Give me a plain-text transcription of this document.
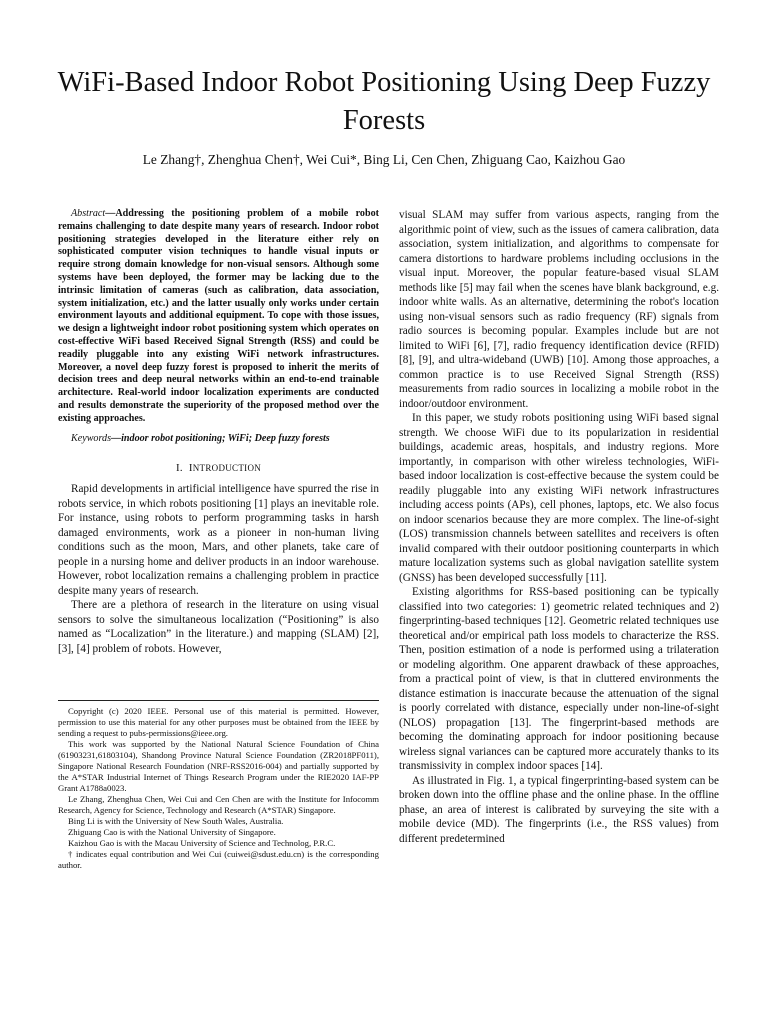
WiFi-Based Indoor Robot Positioning Using Deep Fuzzy Forests
Le Zhang†, Zhenghua Chen†, Wei Cui*, Bing Li, Cen Chen, Zhiguang Cao, Kaizhou Gao

Abstract—Addressing the positioning problem of a mobile robot remains challenging to date despite many years of research. Indoor robot positioning strategies developed in the literature either rely on sophisticated computer vision techniques to handle visual inputs or require strong domain knowledge for non-visual sensors. Although some systems have been deployed, the former may be lacking due to the intrinsic limitation of cameras (such as calibration, data association, system initialization, etc.) and the latter usually only works under certain environment layouts and additional equipment. To cope with those issues, we design a lightweight indoor robot positioning system which operates on cost-effective WiFi based Received Signal Strength (RSS) and could be readily pluggable into any existing WiFi network infrastructures. Moreover, a novel deep fuzzy forest is proposed to inherit the merits of decision trees and deep neural networks within an end-to-end trainable architecture. Real-world indoor localization experiments are conducted and results demonstrate the superiority of the proposed method over the existing approaches.

Keywords—indoor robot positioning; WiFi; Deep fuzzy forests

I. INTRODUCTION

Rapid developments in artificial intelligence have spurred the rise in robots service, in which robots positioning [1] plays an inevitable role. For instance, using robots to perform programming tasks in harsh damaged environments, work as a pioneer in non-human living conditions such as the moon, Mars, and other planets, take care of people in a nursing home and deliver products in an indoor warehouse. However, robot localization remains a challenging problem in practice despite many years of research.

There are a plethora of research in the literature on using visual sensors to solve the simultaneous localization (“Positioning” is also named as “Localization” in the literature.) and mapping (SLAM) [2], [3], [4] problem of robots. However,

Copyright (c) 2020 IEEE. Personal use of this material is permitted. However, permission to use this material for any other purposes must be obtained from the IEEE by sending a request to pubs-permissions@ieee.org.

This work was supported by the National Natural Science Foundation of China (61903231,61803104), Shandong Province Natural Science Foundation (ZR2018PF011), Singapore National Research Foundation (NRF-RSS2016-004) and partially supported by the A*STAR Industrial Internet of Things Research Program under the RIE2020 IAF-PP Grant A1788a0023.

Le Zhang, Zhenghua Chen, Wei Cui and Cen Chen are with the Institute for Infocomm Research, Agency for Science, Technology and Research (A*STAR) Singapore.

Bing Li is with the University of New South Wales, Australia.

Zhiguang Cao is with the National University of Singapore.

Kaizhou Gao is with the Macau University of Science and Technolog, P.R.C.

† indicates equal contribution and Wei Cui (cuiwei@sdust.edu.cn) is the corresponding author.

visual SLAM may suffer from various aspects, ranging from the algorithmic point of view, such as the issues of camera calibration, data association, system initialization, and algorithms to compensate for camera distortions to hardware problems including occlusions in the visual input. Moreover, the popular feature-based visual SLAM methods like [5] may fail when the scenes have blank background, e.g. indoor white walls. As an alternative, determining the robot's location using non-visual sensors such as radio frequency (RF) signals from radio sources is becoming popular. Examples include but are not limited to WiFi [6], [7], radio frequency identification device (RFID) [8], [9], and ultra-wideband (UWB) [10]. Among those approaches, a common practice is to use Received Signal Strength (RSS) measurements from radio sources in localizing a mobile robot in the indoor/outdoor environment.

In this paper, we study robots positioning using WiFi based signal strength. We choose WiFi due to its popularization in residential buildings, academic areas, hospitals, and industry regions. More importantly, in comparison with other wireless technologies, WiFi-based indoor localization is cost-effective because the system could be readily pluggable into any existing WiFi network infrastructures including access points (APs), cell phones, laptops, etc. We also focus on indoor scenarios because they are more complex. The line-of-sight (LOS) transmission channels between satellites and receivers is often invalid compared with their outdoor positioning counterparts in which mature localization systems such as global navigation satellite system (GNSS) has been developed successfully [11].

Existing algorithms for RSS-based positioning can be typically classified into two categories: 1) geometric related techniques and 2) fingerprinting-based techniques [12]. Geometric related techniques use theoretical and/or empirical path loss models to characterize the RSS. Then, position estimation of a node is performed using a trilateration or modeling algorithm. One apparent drawback of these approaches, from a practical point of view, is that in cluttered environments the distance estimation is inaccurate because the attenuation of the signal is poorly correlated with distance, especially under non-line-of-sight (NLOS) propagation [13]. The fingerprint-based methods are becoming the dominating approach for indoor positioning because wireless signal variances can be captured more accurately thanks to its transmissivity in complex indoor spaces [14].

As illustrated in Fig. 1, a typical fingerprinting-based system can be broken down into the offline phase and the online phase. In the offline phase, an area of interest is calibrated by surveying the site with a mobile device (MD). The fingerprints (i.e., the RSS values) from different predetermined
